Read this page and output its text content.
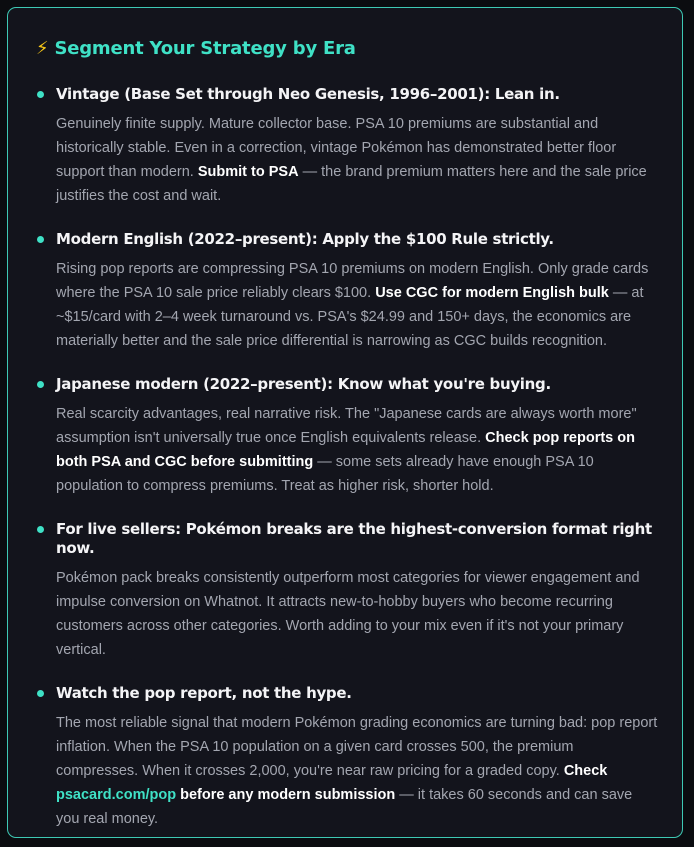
⚡ Segment Your Strategy by Era
Vintage (Base Set through Neo Genesis, 1996–2001): Lean in.
Genuinely finite supply. Mature collector base. PSA 10 premiums are substantial and historically stable. Even in a correction, vintage Pokémon has demonstrated better floor support than modern. Submit to PSA — the brand premium matters here and the sale price justifies the cost and wait.
Modern English (2022–present): Apply the $100 Rule strictly.
Rising pop reports are compressing PSA 10 premiums on modern English. Only grade cards where the PSA 10 sale price reliably clears $100. Use CGC for modern English bulk — at ~$15/card with 2–4 week turnaround vs. PSA's $24.99 and 150+ days, the economics are materially better and the sale price differential is narrowing as CGC builds recognition.
Japanese modern (2022–present): Know what you're buying.
Real scarcity advantages, real narrative risk. The "Japanese cards are always worth more" assumption isn't universally true once English equivalents release. Check pop reports on both PSA and CGC before submitting — some sets already have enough PSA 10 population to compress premiums. Treat as higher risk, shorter hold.
For live sellers: Pokémon breaks are the highest-conversion format right now.
Pokémon pack breaks consistently outperform most categories for viewer engagement and impulse conversion on Whatnot. It attracts new-to-hobby buyers who become recurring customers across other categories. Worth adding to your mix even if it's not your primary vertical.
Watch the pop report, not the hype.
The most reliable signal that modern Pokémon grading economics are turning bad: pop report inflation. When the PSA 10 population on a given card crosses 500, the premium compresses. When it crosses 2,000, you're near raw pricing for a graded copy. Check psacard.com/pop before any modern submission — it takes 60 seconds and can save you real money.
